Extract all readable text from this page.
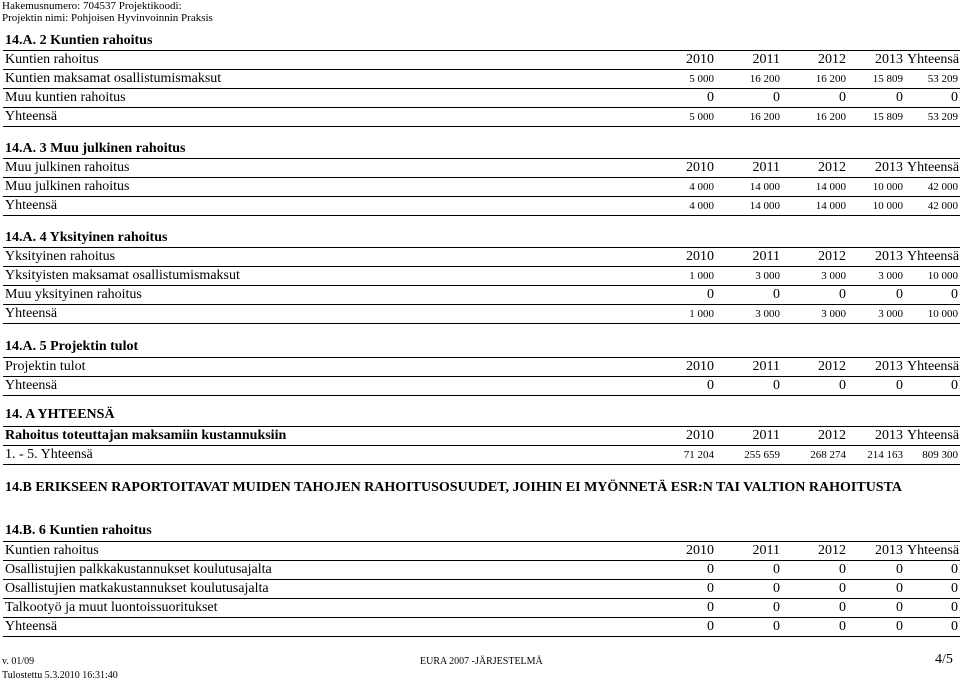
Hakemusnumero: 704537 Projektikoodi:
Projektin nimi: Pohjoisen Hyvinvoinnin Praksis
14.A. 2 Kuntien rahoitus
Kuntien rahoitus	2010	2011	2012	2013	Yhteensä
Kuntien maksamat osallistumismaksut	5 000	16 200	16 200	15 809	53 209
Muu kuntien rahoitus	0	0	0	0	0
Yhteensä	5 000	16 200	16 200	15 809	53 209
14.A. 3 Muu julkinen rahoitus
Muu julkinen rahoitus	2010	2011	2012	2013	Yhteensä
Muu julkinen rahoitus	4 000	14 000	14 000	10 000	42 000
Yhteensä	4 000	14 000	14 000	10 000	42 000
14.A. 4 Yksityinen rahoitus
Yksityinen rahoitus	2010	2011	2012	2013	Yhteensä
Yksityisten maksamat osallistumismaksut	1 000	3 000	3 000	3 000	10 000
Muu yksityinen rahoitus	0	0	0	0	0
Yhteensä	1 000	3 000	3 000	3 000	10 000
14.A. 5 Projektin tulot
Projektin tulot	2010	2011	2012	2013	Yhteensä
Yhteensä	0	0	0	0	0
14. A YHTEENSÄ
Rahoitus toteuttajan maksamiin kustannuksiin	2010	2011	2012	2013	Yhteensä
1. - 5. Yhteensä	71 204	255 659	268 274	214 163	809 300
14.B ERIKSEEN RAPORTOITAVAT MUIDEN TAHOJEN RAHOITUSOSUUDET, JOIHIN EI MYÖNNETÄ ESR:N TAI VALTION RAHOITUSTA
14.B. 6 Kuntien rahoitus
Kuntien rahoitus	2010	2011	2012	2013	Yhteensä
Osallistujien palkkakustannukset koulutusajalta	0	0	0	0	0
Osallistujien matkakustannukset koulutusajalta	0	0	0	0	0
Talkootyö ja muut luontoissuoritukset	0	0	0	0	0
Yhteensä	0	0	0	0	0
v. 01/09	EURA 2007 -JÄRJESTELMÄ	4/5
Tulostettu 5.3.2010 16:31:40
